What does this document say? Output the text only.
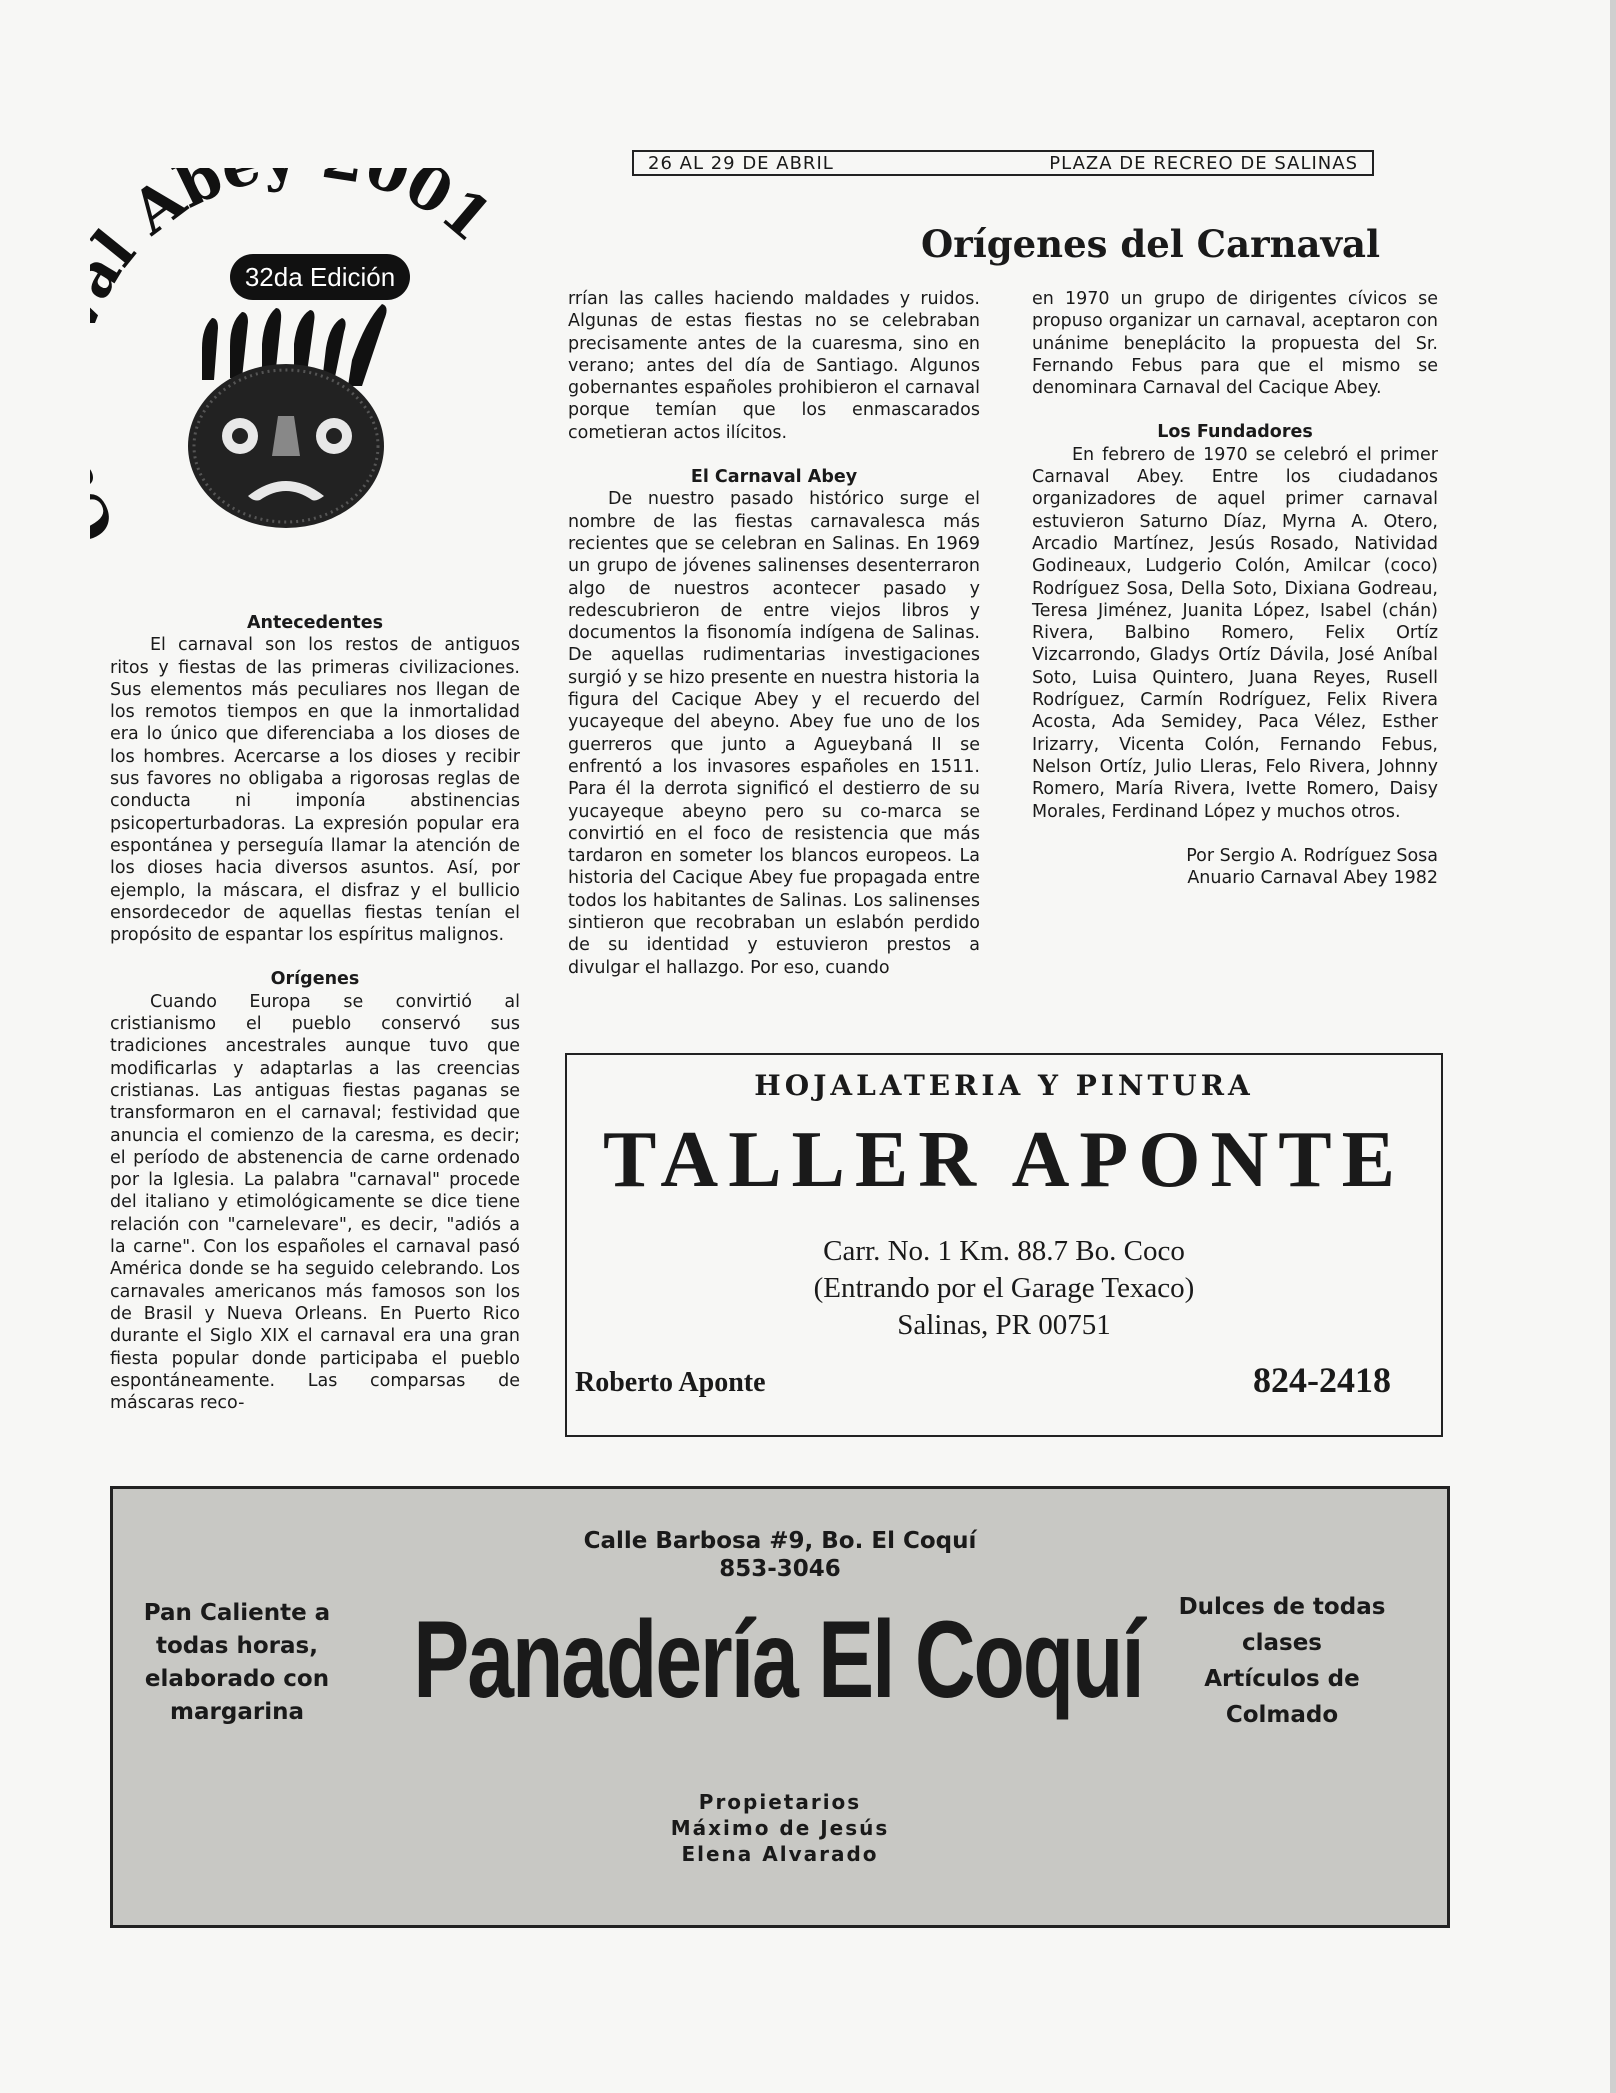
26 AL 29 DE ABRIL	PLAZA DE RECREO DE SALINAS
Ab 001
32da Edición
Orígenes del Carnaval

Antecedentes

El carnaval son los restos de antiguos ritos y fiestas de las primeras civilizaciones. Sus elementos más peculiares nos llegan de los remotos tiempos en que la inmortalidad era lo único que diferenciaba a los dioses de los hombres. Acercarse a los dioses y recibir sus favores no obligaba a rigorosas reglas de conducta ni imponía abstinencias psicoperturbadoras. La expresión popular era espontánea y perseguía llamar la atención de los dioses hacia diversos asuntos. Así, por ejemplo, la máscara, el disfraz y el bullicio ensordecedor de aquellas fiestas tenían el propósito de espantar los espíritus malignos.

Orígenes

Cuando Europa se convirtió al cristianismo el pueblo conservó sus tradiciones ancestrales aunque tuvo que modificarlas y adaptarlas a las creencias cristianas. Las antiguas fiestas paganas se transformaron en el carnaval; festividad que anuncia el comienzo de la caresma, es decir; el período de abstenencia de carne ordenado por la Iglesia. La palabra "carnaval" procede del italiano y etimológicamente se dice tiene relación con "carnelevare", es decir, "adiós a la carne". Con los españoles el carnaval pasó América donde se ha seguido celebrando. Los carnavales americanos más famosos son los de Brasil y Nueva Orleans. En Puerto Rico durante el Siglo XIX el carnaval era una gran fiesta popular donde participaba el pueblo espontáneamente. Las comparsas de máscaras reco-

rrían las calles haciendo maldades y ruidos. Algunas de estas fiestas no se celebraban precisamente antes de la cuaresma, sino en verano; antes del día de Santiago. Algunos gobernantes españoles prohibieron el carnaval porque temían que los enmascarados cometieran actos ilícitos.

El Carnaval Abey

De nuestro pasado histórico surge el nombre de las fiestas carnavalesca más recientes que se celebran en Salinas. En 1969 un grupo de jóvenes salinenses desenterraron algo de nuestros acontecer pasado y redescubrieron de entre viejos libros y documentos la fisonomía indígena de Salinas. De aquellas rudimentarias investigaciones surgió y se hizo presente en nuestra historia la figura del Cacique Abey y el recuerdo del yucayeque del abeyno. Abey fue uno de los guerreros que junto a Agueybaná II se enfrentó a los invasores españoles en 1511. Para él la derrota significó el destierro de su yucayeque abeyno pero su co-marca se convirtió en el foco de resistencia que más tardaron en someter los blancos europeos. La historia del Cacique Abey fue propagada entre todos los habitantes de Salinas. Los salinenses sintieron que recobraban un eslabón perdido de su identidad y estuvieron prestos a divulgar el hallazgo. Por eso, cuando

en 1970 un grupo de dirigentes cívicos se propuso organizar un carnaval, aceptaron con unánime beneplácito la propuesta del Sr. Fernando Febus para que el mismo se denominara Carnaval del Cacique Abey.

Los Fundadores

En febrero de 1970 se celebró el primer Carnaval Abey. Entre los ciudadanos organizadores de aquel primer carnaval estuvieron Saturno Díaz, Myrna A. Otero, Arcadio Martínez, Jesús Rosado, Natividad Godineaux, Ludgerio Colón, Amilcar (coco) Rodríguez Sosa, Della Soto, Dixiana Godreau, Teresa Jiménez, Juanita López, Isabel (chán) Rivera, Balbino Romero, Felix Ortíz Vizcarrondo, Gladys Ortíz Dávila, José Aníbal Soto, Luisa Quintero, Juana Reyes, Rusell Rodríguez, Carmín Rodríguez, Felix Rivera Acosta, Ada Semidey, Paca Vélez, Esther Irizarry, Vicenta Colón, Fernando Febus, Nelson Ortíz, Julio Lleras, Felo Rivera, Johnny Romero, María Rivera, Ivette Romero, Daisy Morales, Ferdinand López y muchos otros.

Por Sergio A. Rodríguez Sosa

Anuario Carnaval Abey 1982

HOJALATERIA Y PINTURA
TALLER APONTE
Carr. No. 1 Km. 88.7 Bo. Coco
(Entrando por el Garage Texaco)
Salinas, PR 00751
Roberto Aponte	824-2418
Calle Barbosa #9, Bo. El Coquí
853-3046
Pan Caliente a
todas horas,
elaborado con
margarina	Panadería El Coquí	Dulces de todas
clases
Artículos de
Colmado
Propietarios
Máximo de Jesús
Elena Alvarado
